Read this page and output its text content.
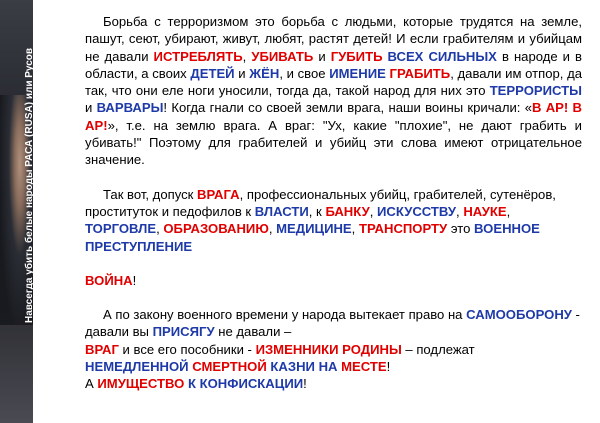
Навсегда убить белые народы РАСА (RUSA) или Русов
Страница14

Борьба с терроризмом это борьба с людьми, которые трудятся на земле, пашут, сеют, убирают, живут, любят, растят детей! И если грабителям и убийцам не давали ИСТРЕБЛЯТЬ, УБИВАТЬ и ГУБИТЬ ВСЕХ СИЛЬНЫХ в народе и в области, а своих ДЕТЕЙ и ЖЁН, и свое ИМЕНИЕ ГРАБИТЬ, давали им отпор, да так, что они еле ноги уносили, тогда да, такой народ для них это ТЕРРОРИСТЫ и ВАРВАРЫ! Когда гнали со своей земли врага, наши воины кричали: «В АР! В АР!», т.е. на землю врага. А враг: "Ух, какие "плохие", не дают грабить и убивать!" Поэтому для грабителей и убийц эти слова имеют отрицательное значение.

Так вот, допуск ВРАГА, профессиональных убийц, грабителей, сутенёров, проституток и педофилов к ВЛАСТИ, к БАНКУ, ИСКУССТВУ, НАУКЕ, ТОРГОВЛЕ, ОБРАЗОВАНИЮ, МЕДИЦИНЕ, ТРАНСПОРТУ это ВОЕННОЕ ПРЕСТУПЛЕНИЕ

ВОЙНА!

А по закону военного времени у народа вытекает право на САМООБОРОНУ - давали вы ПРИСЯГУ не давали –
ВРАГ и все его пособники - ИЗМЕННИКИ РОДИНЫ – подлежат
НЕМЕДЛЕННОЙ СМЕРТНОЙ КАЗНИ НА МЕСТЕ!
А ИМУЩЕСТВО К КОНФИСКАЦИИ!
